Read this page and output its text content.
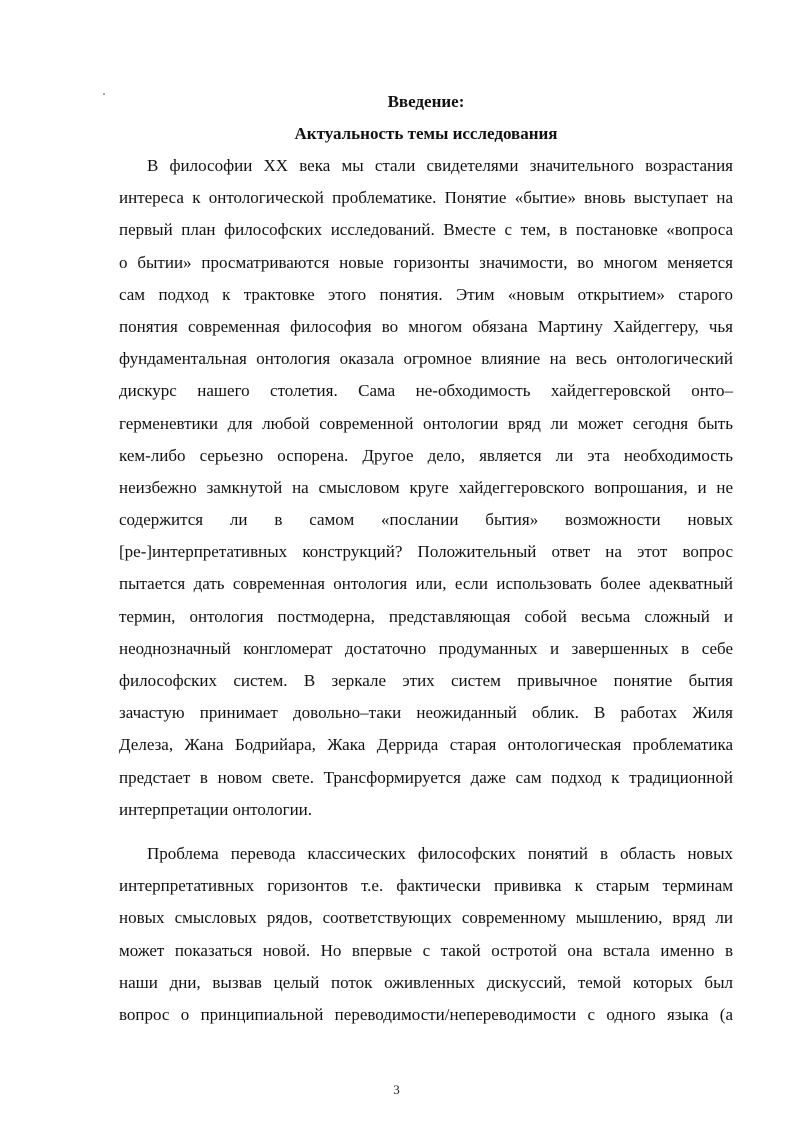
Введение:

Актуальность темы исследования

В философии XX века мы стали свидетелями значительного возрастания
интереса к онтологической проблематике. Понятие «бытие» вновь выступает на
первый план философских исследований. Вместе с тем, в постановке «вопроса
о бытии» просматриваются новые горизонты значимости, во многом меняется
сам подход к трактовке этого понятия. Этим «новым открытием» старого
понятия современная философия во многом обязана Мартину Хайдеггеру, чья
фундаментальная онтология оказала огромное влияние на весь онтологический
дискурс нашего столетия. Сама не-обходимость хайдеггеровской онто–
герменевтики для любой современной онтологии вряд ли может сегодня быть
кем-либо серьезно оспорена. Другое дело, является ли эта необходимость
неизбежно замкнутой на смысловом круге хайдеггеровского вопрошания, и не
содержится ли в самом «послании бытия» возможности новых
[ре-]интерпретативных конструкций? Положительный ответ на этот вопрос
пытается дать современная онтология или, если использовать более адекватный
термин, онтология постмодерна, представляющая собой весьма сложный и
неоднозначный конгломерат достаточно продуманных и завершенных в себе
философских систем. В зеркале этих систем привычное понятие бытия
зачастую принимает довольно–таки неожиданный облик. В работах Жиля
Делеза, Жана Бодрийара, Жака Деррида старая онтологическая проблематика
предстает в новом свете. Трансформируется даже сам подход к традиционной
интерпретации онтологии.
Проблема перевода классических философских понятий в область новых
интерпретативных горизонтов т.е. фактически прививка к старым терминам
новых смысловых рядов, соответствующих современному мышлению, вряд ли
может показаться новой. Но впервые с такой остротой она встала именно в
наши дни, вызвав целый поток оживленных дискуссий, темой которых был
вопрос о принципиальной переводимости/непереводимости с одного языка (а
3
